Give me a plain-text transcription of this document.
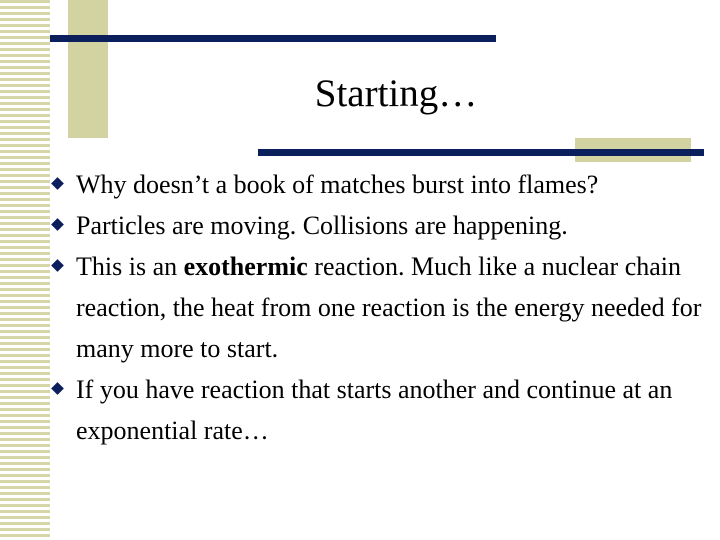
Starting…
Why doesn’t a book of matches burst into flames?
Particles are moving. Collisions are happening.
This is an exothermic reaction. Much like a nuclear chain reaction, the heat from one reaction is the energy needed for many more to start.
If you have reaction that starts another and continue at an exponential rate…
